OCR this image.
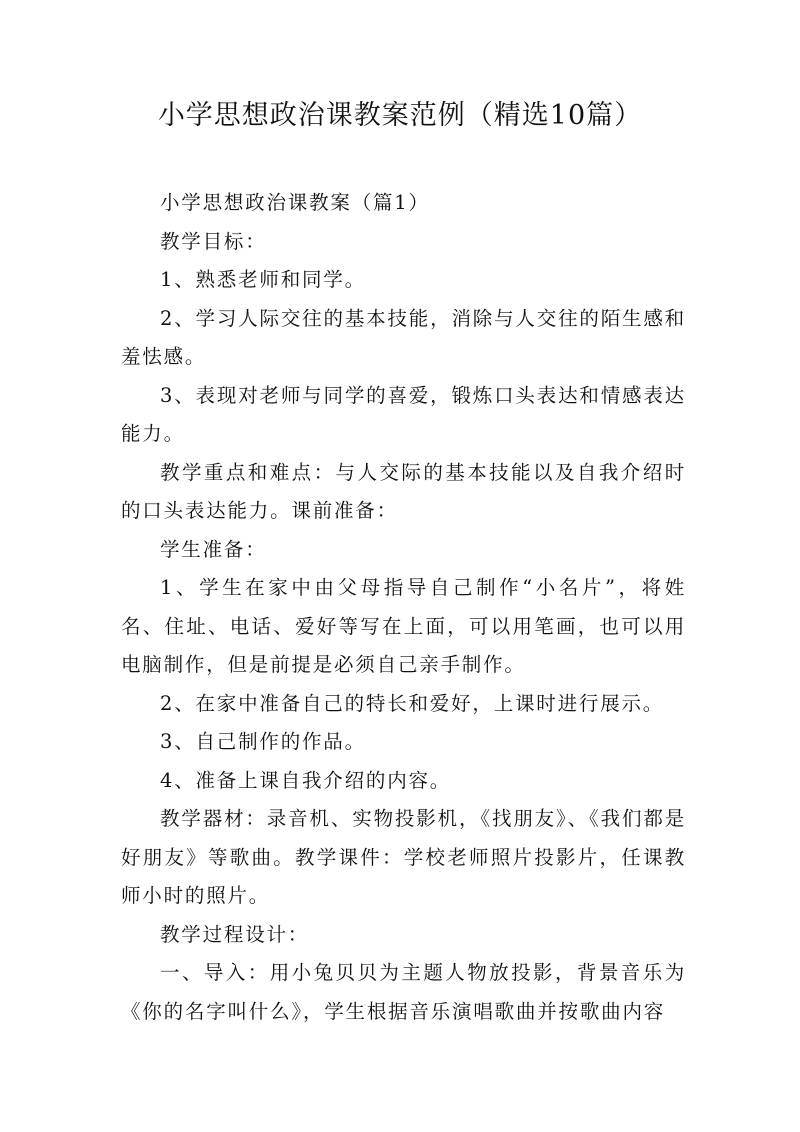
小学思想政治课教案范例（精选10篇）

小学思想政治课教案（篇1）

教学目标：

1、熟悉老师和同学。

2、学习人际交往的基本技能，消除与人交往的陌生感和羞怯感。

3、表现对老师与同学的喜爱，锻炼口头表达和情感表达能力。

教学重点和难点：与人交际的基本技能以及自我介绍时的口头表达能力。课前准备：

学生准备：

1、学生在家中由父母指导自己制作“小名片”，将姓名、住址、电话、爱好等写在上面，可以用笔画，也可以用电脑制作，但是前提是必须自己亲手制作。

2、在家中准备自己的特长和爱好，上课时进行展示。

3、自己制作的作品。

4、准备上课自我介绍的内容。

教学器材：录音机、实物投影机，《找朋友》、《我们都是好朋友》等歌曲。教学课件：学校老师照片投影片，任课教师小时的照片。

教学过程设计：

一、导入：用小兔贝贝为主题人物放投影，背景音乐为《你的名字叫什么》，学生根据音乐演唱歌曲并按歌曲内容
